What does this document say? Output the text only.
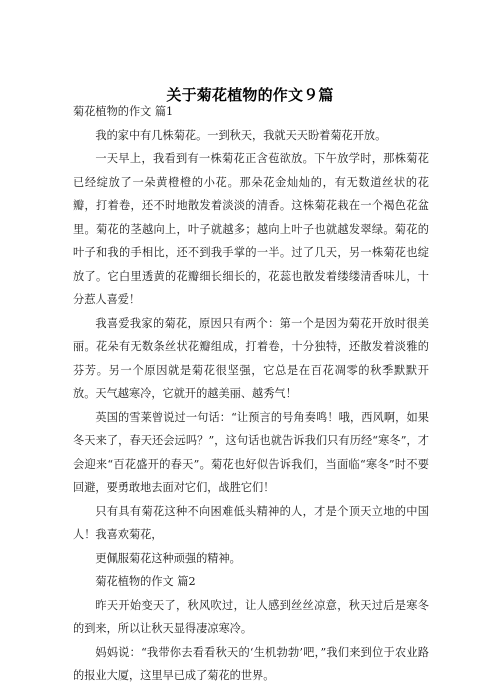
关于菊花植物的作文９篇

菊花植物的作文 篇1

我的家中有几株菊花。一到秋天，我就天天盼着菊花开放。

一天早上，我看到有一株菊花正含苞欲放。下午放学时，那株菊花已经绽放了一朵黄橙橙的小花。那朵花金灿灿的，有无数道丝状的花瓣，打着卷，还不时地散发着淡淡的清香。这株菊花栽在一个褐色花盆里。菊花的茎越向上，叶子就越多；越向上叶子也就越发翠绿。菊花的叶子和我的手相比，还不到我手掌的一半。过了几天，另一株菊花也绽放了。它白里透黄的花瓣细长细长的，花蕊也散发着缕缕清香味儿，十分惹人喜爱！

我喜爱我家的菊花，原因只有两个：第一个是因为菊花开放时很美丽。花朵有无数条丝状花瓣组成，打着卷，十分独特，还散发着淡雅的芬芳。另一个原因就是菊花很坚强，它总是在百花凋零的秋季默默开放。天气越寒冷，它就开的越美丽、越秀气！

英国的雪莱曾说过一句话：“让预言的号角奏鸣！哦，西风啊，如果冬天来了，春天还会远吗？”，这句话也就告诉我们只有历经“寒冬”，才会迎来“百花盛开的春天”。菊花也好似告诉我们，当面临“寒冬”时不要回避，要勇敢地去面对它们，战胜它们！

只有具有菊花这种不向困难低头精神的人，才是个顶天立地的中国人！我喜欢菊花，

更佩服菊花这种顽强的精神。

菊花植物的作文 篇2

昨天开始变天了，秋风吹过，让人感到丝丝凉意，秋天过后是寒冬的到来，所以让秋天显得凄凉寒冷。

妈妈说：“我带你去看看秋天的‘生机勃勃’吧，”我们来到位于农业路的报业大厦，这里早已成了菊花的世界。
